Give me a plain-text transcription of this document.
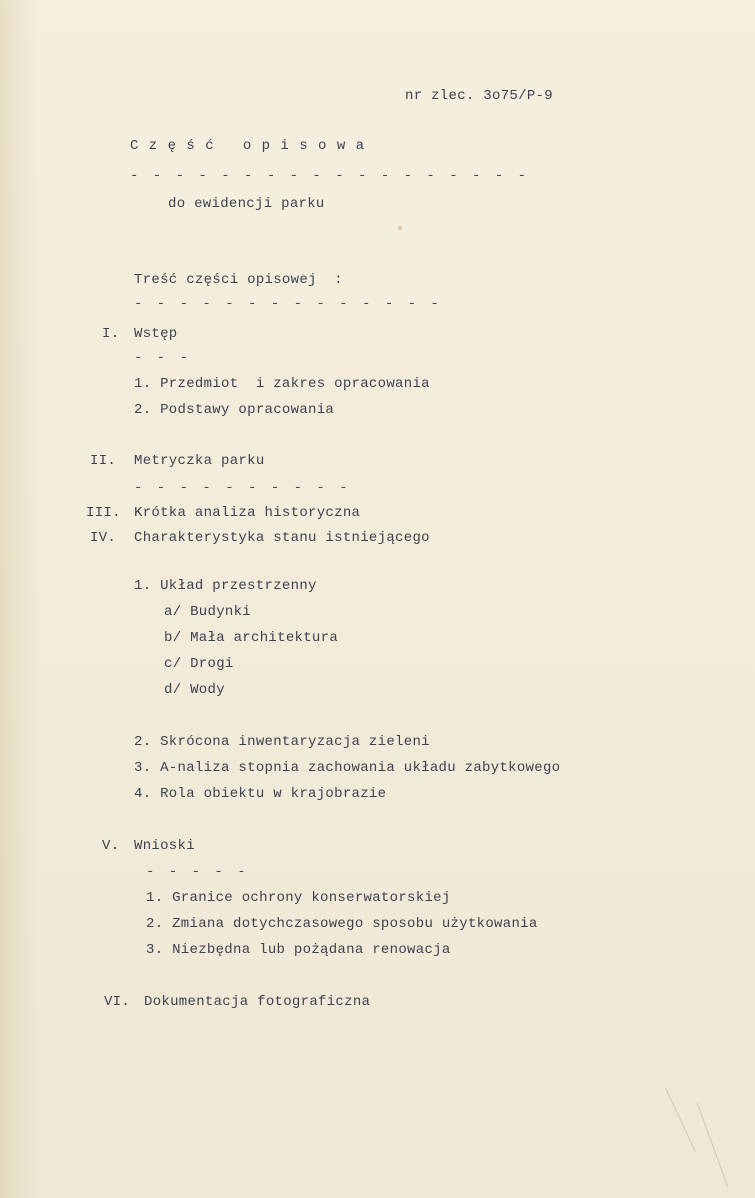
nr zlec. 3o75/P-9
C z ę ś ć   o p i s o w a
- - - - - - - - - - - - - - - - - -
do ewidencji parku
Treść części opisowej  :
- - - - - - - - - - - - - -
I. Wstęp
- - -
1. Przedmiot  i zakres opracowania
2. Podstawy opracowania
II. Metryczka parku
- - - - - - - - - -
III. Krótka analiza historyczna
IV. Charakterystyka stanu istniejącego
1. Układ przestrzenny
a/ Budynki
b/ Mała architektura
c/ Drogi
d/ Wody
2. Skrócona inwentaryzacja zieleni
3. A-naliza stopnia zachowania układu zabytkowego
4. Rola obiektu w krajobrazie
V. Wnioski
- - - - -
1. Granice ochrony konserwatorskiej
2. Zmiana dotychczasowego sposobu użytkowania
3. Niezbędna lub pożądana renowacja
VI. Dokumentacja fotograficzna
